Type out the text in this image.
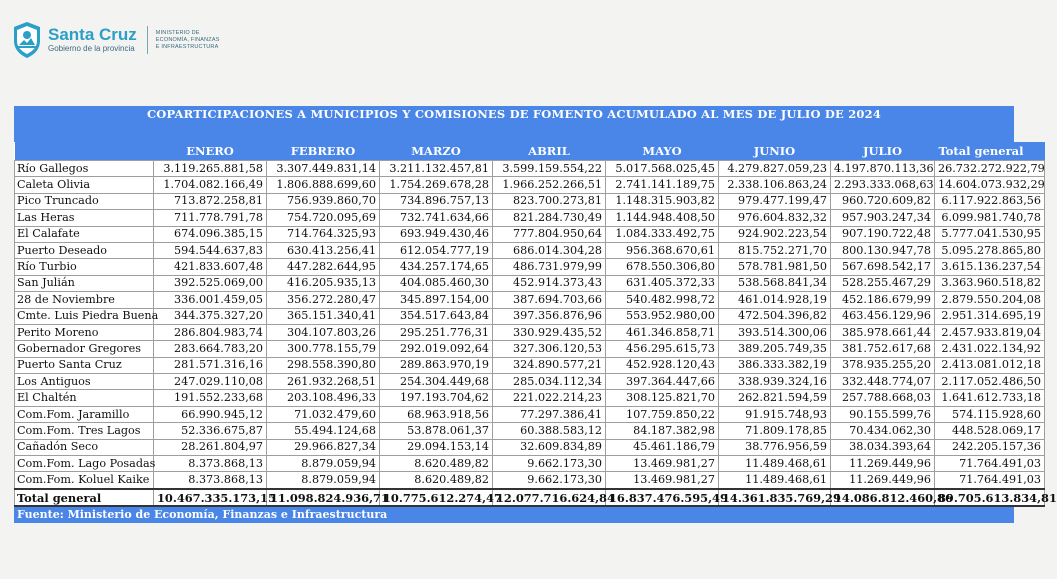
Santa Cruz
Gobierno de la provincia
MINISTERIO DE
ECONOMÍA, FINANZAS
E INFRAESTRUCTURA
COPARTICIPACIONES A MUNICIPIOS Y COMISIONES DE FOMENTO ACUMULADO AL MES DE JULIO DE 2024
	ENERO	FEBRERO	MARZO	ABRIL	MAYO	JUNIO	JULIO	Total general
Río Gallegos	3.119.265.881,58	3.307.449.831,14	3.211.132.457,81	3.599.159.554,22	5.017.568.025,45	4.279.827.059,23	4.197.870.113,36	26.732.272.922,79
Caleta Olivia	1.704.082.166,49	1.806.888.699,60	1.754.269.678,28	1.966.252.266,51	2.741.141.189,75	2.338.106.863,24	2.293.333.068,63	14.604.073.932,29
Pico Truncado	713.872.258,81	756.939.860,70	734.896.757,13	823.700.273,81	1.148.315.903,82	979.477.199,47	960.720.609,82	6.117.922.863,56
Las Heras	711.778.791,78	754.720.095,69	732.741.634,66	821.284.730,49	1.144.948.408,50	976.604.832,32	957.903.247,34	6.099.981.740,78
El Calafate	674.096.385,15	714.764.325,93	693.949.430,46	777.804.950,64	1.084.333.492,75	924.902.223,54	907.190.722,48	5.777.041.530,95
Puerto Deseado	594.544.637,83	630.413.256,41	612.054.777,19	686.014.304,28	956.368.670,61	815.752.271,70	800.130.947,78	5.095.278.865,80
Río Turbio	421.833.607,48	447.282.644,95	434.257.174,65	486.731.979,99	678.550.306,80	578.781.981,50	567.698.542,17	3.615.136.237,54
San Julián	392.525.069,00	416.205.935,13	404.085.460,30	452.914.373,43	631.405.372,33	538.568.841,34	528.255.467,29	3.363.960.518,82
28 de Noviembre	336.001.459,05	356.272.280,47	345.897.154,00	387.694.703,66	540.482.998,72	461.014.928,19	452.186.679,99	2.879.550.204,08
Cmte. Luis Piedra Buena	344.375.327,20	365.151.340,41	354.517.643,84	397.356.876,96	553.952.980,00	472.504.396,82	463.456.129,96	2.951.314.695,19
Perito Moreno	286.804.983,74	304.107.803,26	295.251.776,31	330.929.435,52	461.346.858,71	393.514.300,06	385.978.661,44	2.457.933.819,04
Gobernador Gregores	283.664.783,20	300.778.155,79	292.019.092,64	327.306.120,53	456.295.615,73	389.205.749,35	381.752.617,68	2.431.022.134,92
Puerto Santa Cruz	281.571.316,16	298.558.390,80	289.863.970,19	324.890.577,21	452.928.120,43	386.333.382,19	378.935.255,20	2.413.081.012,18
Los Antiguos	247.029.110,08	261.932.268,51	254.304.449,68	285.034.112,34	397.364.447,66	338.939.324,16	332.448.774,07	2.117.052.486,50
El Chaltén	191.552.233,68	203.108.496,33	197.193.704,62	221.022.214,23	308.125.821,70	262.821.594,59	257.788.668,03	1.641.612.733,18
Com.Fom. Jaramillo	66.990.945,12	71.032.479,60	68.963.918,56	77.297.386,41	107.759.850,22	91.915.748,93	90.155.599,76	574.115.928,60
Com.Fom. Tres Lagos	52.336.675,87	55.494.124,68	53.878.061,37	60.388.583,12	84.187.382,98	71.809.178,85	70.434.062,30	448.528.069,17
Cañadón Seco	28.261.804,97	29.966.827,34	29.094.153,14	32.609.834,89	45.461.186,79	38.776.956,59	38.034.393,64	242.205.157,36
Com.Fom. Lago Posadas	8.373.868,13	8.879.059,94	8.620.489,82	9.662.173,30	13.469.981,27	11.489.468,61	11.269.449,96	71.764.491,03
Com.Fom. Koluel Kaike	8.373.868,13	8.879.059,94	8.620.489,82	9.662.173,30	13.469.981,27	11.489.468,61	11.269.449,96	71.764.491,03
Total general	10.467.335.173,15	11.098.824.936,71	10.775.612.274,47	12.077.716.624,84	16.837.476.595,49	14.361.835.769,29	14.086.812.460,86	89.705.613.834,81
Fuente: Ministerio de Economía, Finanzas e Infraestructura
